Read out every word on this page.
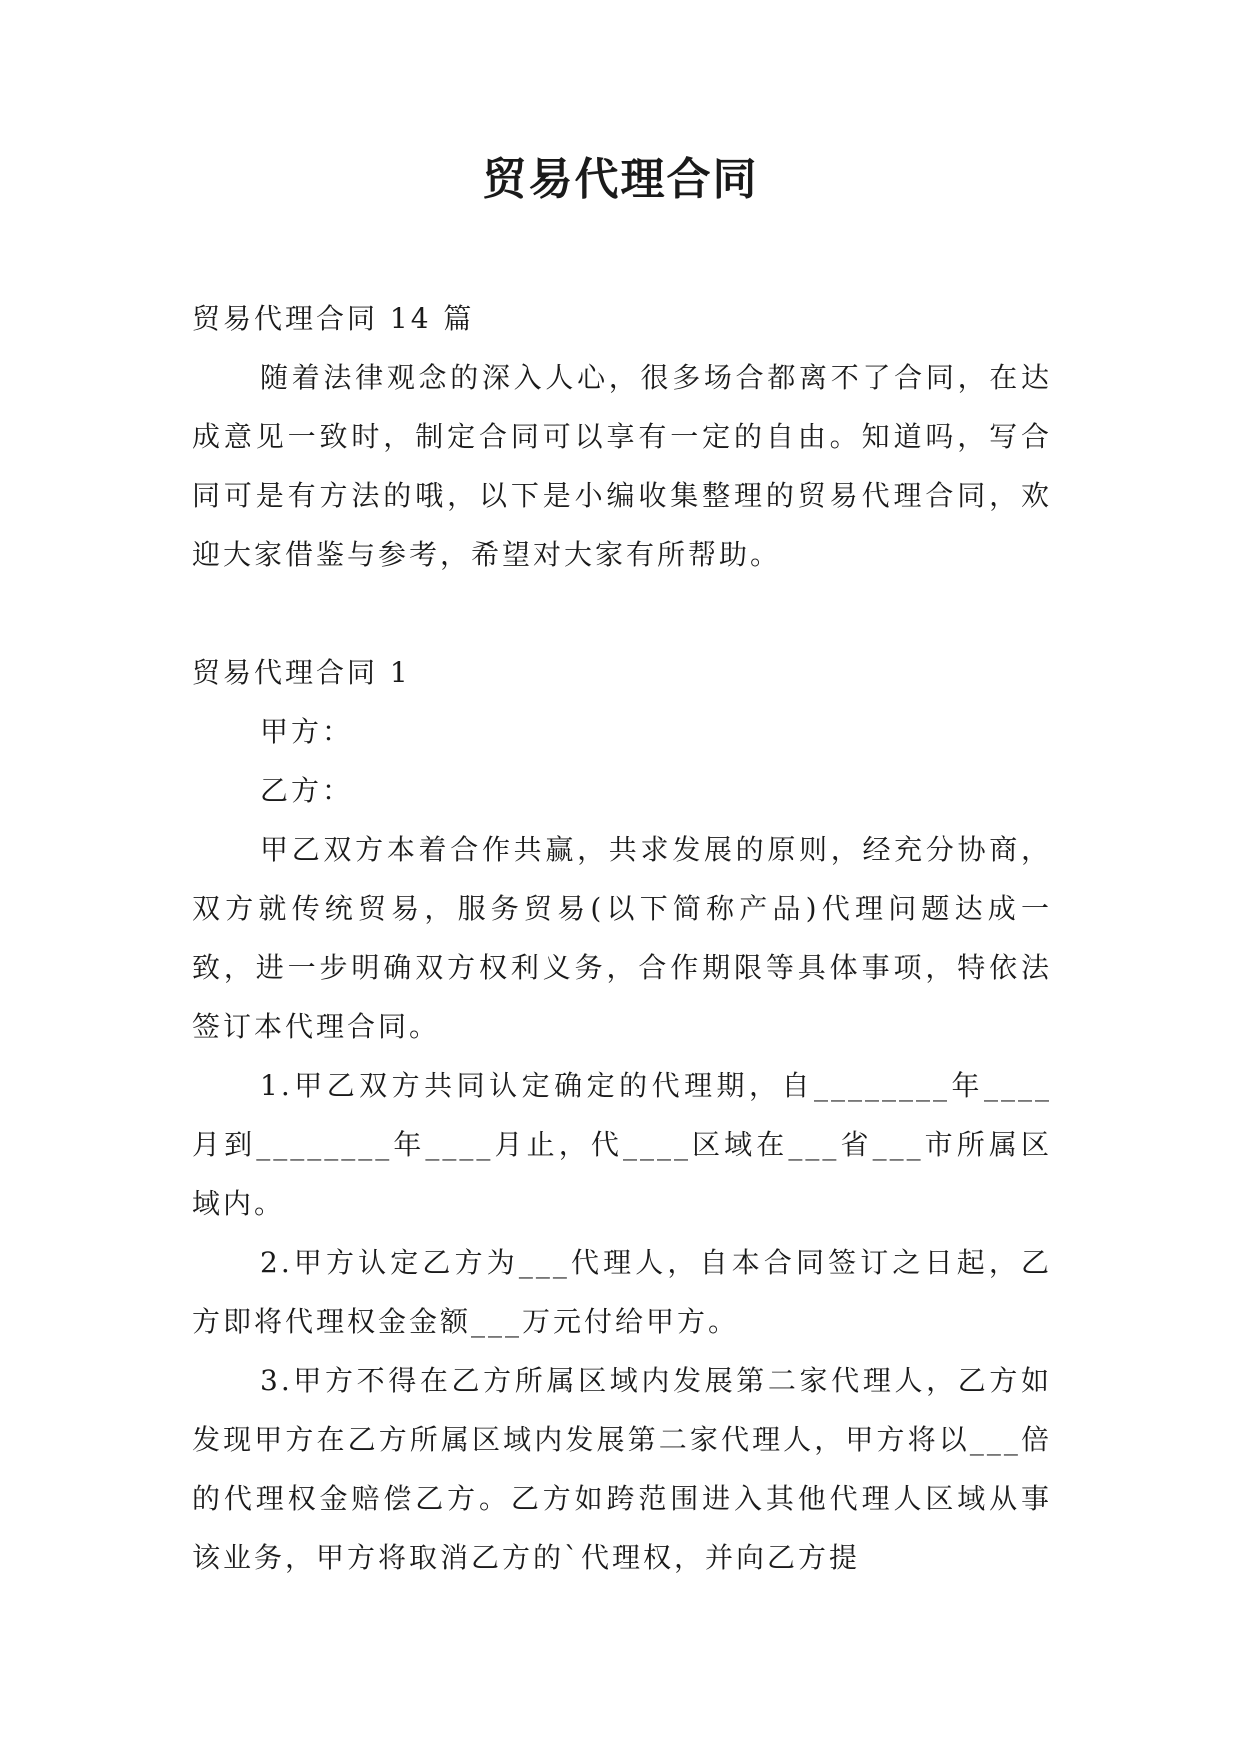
贸易代理合同

贸易代理合同 14 篇

随着法律观念的深入人心，很多场合都离不了合同，在达成意见一致时，制定合同可以享有一定的自由。知道吗，写合同可是有方法的哦，以下是小编收集整理的贸易代理合同，欢迎大家借鉴与参考，希望对大家有所帮助。

贸易代理合同 1

甲方：

乙方：

甲乙双方本着合作共赢，共求发展的原则，经充分协商，双方就传统贸易，服务贸易(以下简称产品)代理问题达成一致，进一步明确双方权利义务，合作期限等具体事项，特依法签订本代理合同。

1.甲乙双方共同认定确定的代理期，自________年____月到________年____月止，代____区域在___省___市所属区域内。

2.甲方认定乙方为___代理人，自本合同签订之日起，乙方即将代理权金金额___万元付给甲方。

3.甲方不得在乙方所属区域内发展第二家代理人，乙方如发现甲方在乙方所属区域内发展第二家代理人，甲方将以___倍的代理权金赔偿乙方。乙方如跨范围进入其他代理人区域从事该业务，甲方将取消乙方的`代理权，并向乙方提
